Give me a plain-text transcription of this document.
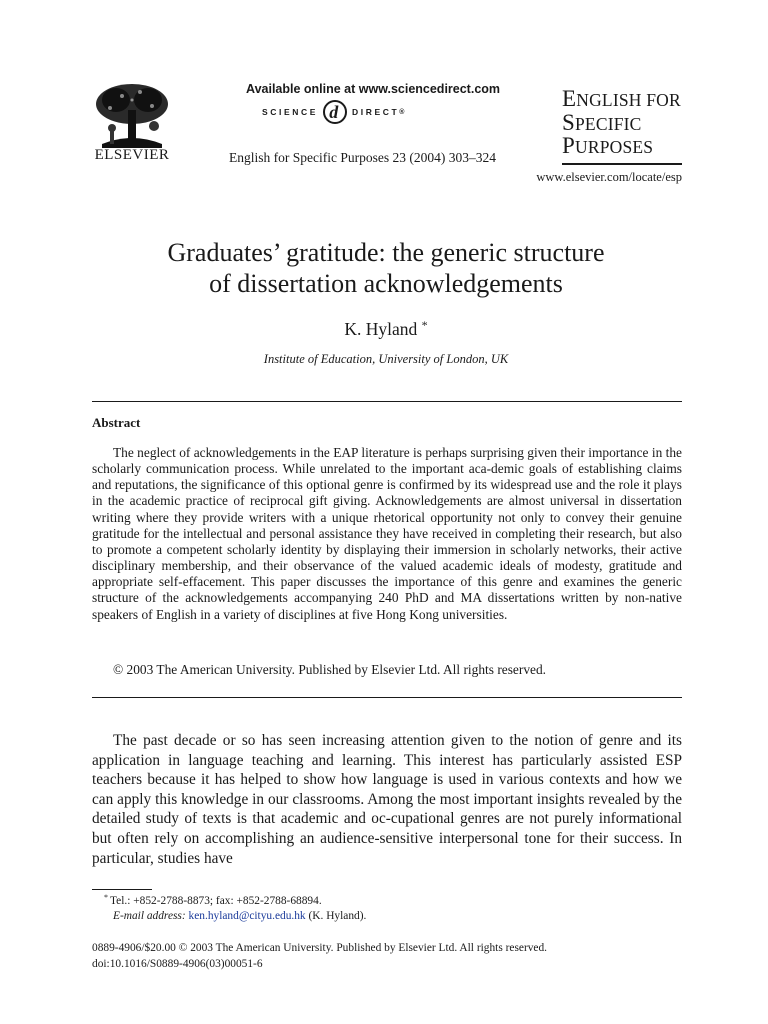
ELSEVIER
Available online at www.sciencedirect.com
SCIENCE d DIRECT ®
English for Specific Purposes 23 (2004) 303–324
ENGLISH FOR
SPECIFIC
PURPOSES
www.elsevier.com/locate/esp
Graduates’ gratitude: the generic structure
of dissertation acknowledgements
K. Hyland *
Institute of Education, University of London, UK
Abstract
The neglect of acknowledgements in the EAP literature is perhaps surprising given their importance in the scholarly communication process. While unrelated to the important aca-demic goals of establishing claims and reputations, the significance of this optional genre is confirmed by its widespread use and the role it plays in the academic practice of reciprocal gift giving. Acknowledgements are almost universal in dissertation writing where they provide writers with a unique rhetorical opportunity not only to convey their genuine gratitude for the intellectual and personal assistance they have received in completing their research, but also to promote a competent scholarly identity by displaying their immersion in scholarly networks, their active disciplinary membership, and their observance of the valued academic ideals of modesty, gratitude and appropriate self-effacement. This paper discusses the importance of this genre and examines the generic structure of the acknowledgements accompanying 240 PhD and MA dissertations written by non-native speakers of English in a variety of disciplines at five Hong Kong universities.
© 2003 The American University. Published by Elsevier Ltd. All rights reserved.
The past decade or so has seen increasing attention given to the notion of genre and its application in language teaching and learning. This interest has particularly assisted ESP teachers because it has helped to show how language is used in various contexts and how we can apply this knowledge in our classrooms. Among the most important insights revealed by the detailed study of texts is that academic and oc-cupational genres are not purely informational but often rely on accomplishing an audience-sensitive interpersonal tone for their success. In particular, studies have
* Tel.: +852-2788-8873; fax: +852-2788-68894.
E-mail address: ken.hyland@cityu.edu.hk (K. Hyland).
0889-4906/$20.00 © 2003 The American University. Published by Elsevier Ltd. All rights reserved.
doi:10.1016/S0889-4906(03)00051-6
